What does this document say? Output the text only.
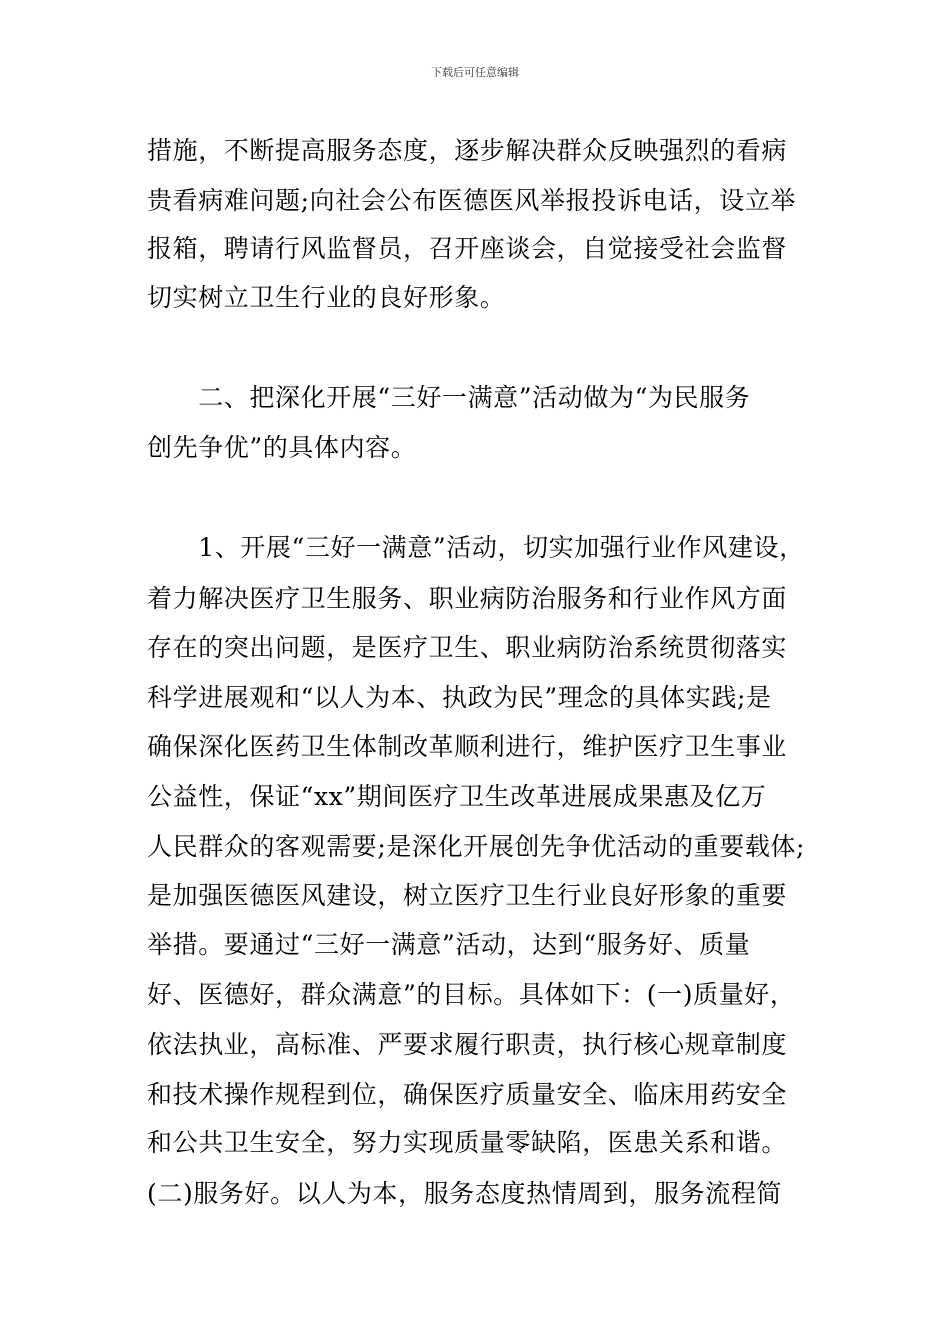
下载后可任意编辑
措施，不断提高服务态度，逐步解决群众反映强烈的看病
贵看病难问题;向社会公布医德医风举报投诉电话，设立举
报箱，聘请行风监督员，召开座谈会，自觉接受社会监督
切实树立卫生行业的良好形象。
　　二、把深化开展“三好一满意”活动做为“为民服务
创先争优”的具体内容。
　　1、开展“三好一满意”活动，切实加强行业作风建设，
着力解决医疗卫生服务、职业病防治服务和行业作风方面
存在的突出问题，是医疗卫生、职业病防治系统贯彻落实
科学进展观和“以人为本、执政为民”理念的具体实践;是
确保深化医药卫生体制改革顺利进行，维护医疗卫生事业
公益性，保证“xx”期间医疗卫生改革进展成果惠及亿万
人民群众的客观需要;是深化开展创先争优活动的重要载体;
是加强医德医风建设，树立医疗卫生行业良好形象的重要
举措。要通过“三好一满意”活动，达到“服务好、质量
好、医德好，群众满意”的目标。具体如下：(一)质量好，
依法执业，高标准、严要求履行职责，执行核心规章制度
和技术操作规程到位，确保医疗质量安全、临床用药安全
和公共卫生安全，努力实现质量零缺陷，医患关系和谐。
(二)服务好。以人为本，服务态度热情周到，服务流程简
